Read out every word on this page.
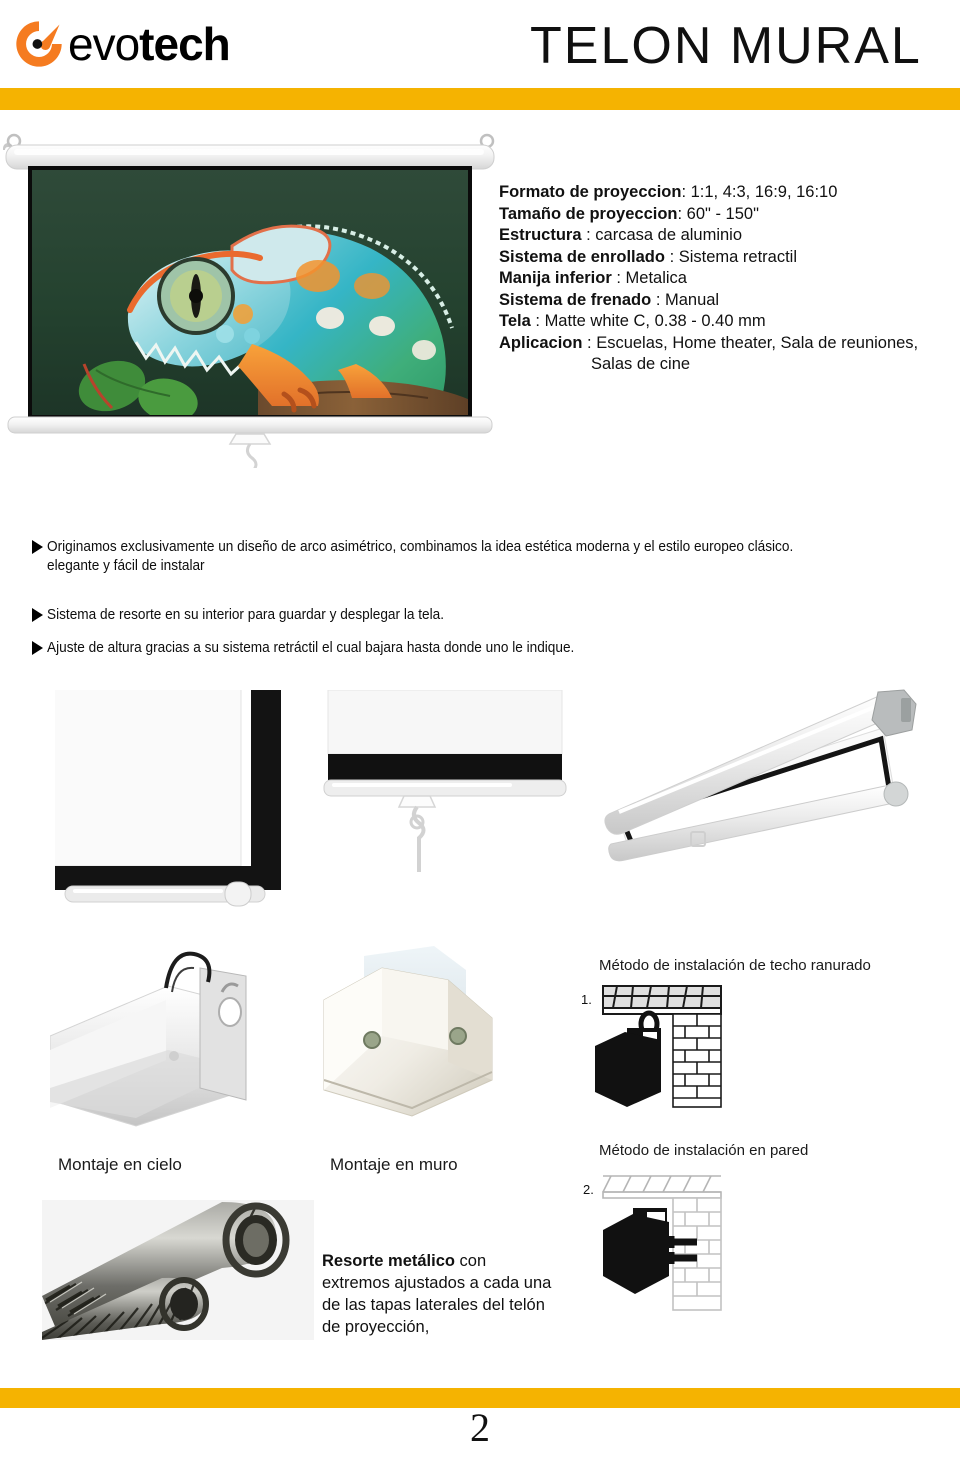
evotech	TELON MURAL
Formato de proyeccion: 1:1, 4:3, 16:9, 16:10
Tamaño de proyeccion: 60" - 150"
Estructura : carcasa de aluminio
Sistema de enrollado : Sistema retractil
Manija inferior : Metalica
Sistema de frenado : Manual
Tela : Matte white C, 0.38 - 0.40 mm
Aplicacion : Escuelas, Home theater, Sala de reuniones,
Salas de cine
Originamos exclusivamente un diseño de arco asimétrico, combinamos la idea estética moderna y el estilo europeo clásico.
elegante y fácil de instalar
Sistema de resorte en su interior para guardar y desplegar la tela.
Ajuste de altura gracias a su sistema retráctil el cual bajara hasta donde uno le indique.
Montaje en cielo	Montaje en muro
Método de instalación de techo ranurado
1.
Método de instalación en pared
2.
Resorte metálico con extremos ajustados a cada una de las tapas laterales del telón de proyección,
2
